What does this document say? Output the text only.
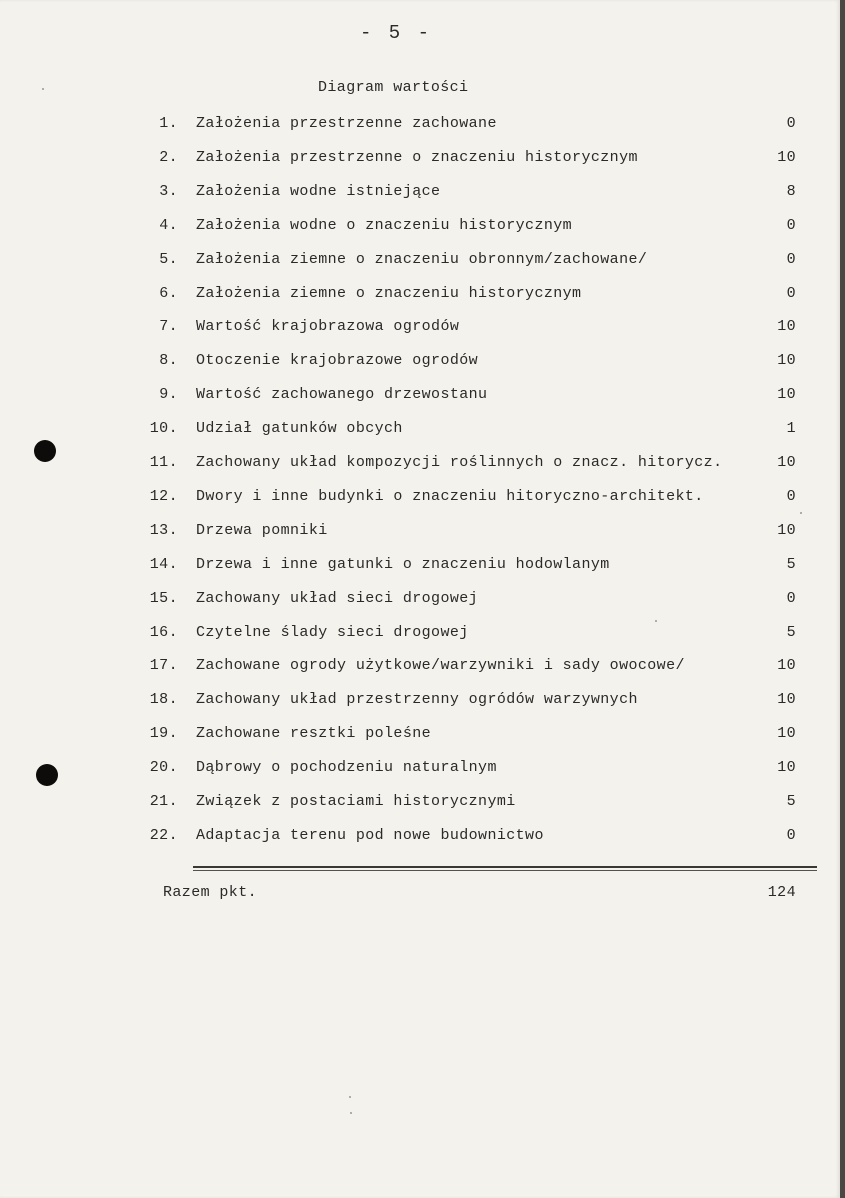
- 5 -
Diagram wartości
1. Założenia przestrzenne zachowane	0
2. Założenia przestrzenne o znaczeniu historycznym	10
3. Założenia wodne istniejące	8
4. Założenia wodne o znaczeniu historycznym	0
5. Założenia ziemne o znaczeniu obronnym/zachowane/	0
6. Założenia ziemne o znaczeniu historycznym	0
7. Wartość krajobrazowa ogrodów	10
8. Otoczenie krajobrazowe ogrodów	10
9. Wartość zachowanego drzewostanu	10
10. Udział gatunków obcych	1
11. Zachowany układ kompozycji roślinnych o znacz. hitorycz.	10
12. Dwory i inne budynki o znaczeniu hitoryczno-architekt.	0
13. Drzewa pomniki	10
14. Drzewa i inne gatunki o znaczeniu hodowlanym	5
15. Zachowany układ sieci drogowej	0
16. Czytelne ślady sieci drogowej	5
17. Zachowane ogrody użytkowe/warzywniki i sady owocowe/	10
18. Zachowany układ przestrzenny ogródów warzywnych	10
19. Zachowane resztki poleśne	10
20. Dąbrowy o pochodzeniu naturalnym	10
21. Związek z postaciami historycznymi	5
22. Adaptacja terenu pod nowe budownictwo	0
Razem pkt.	124
